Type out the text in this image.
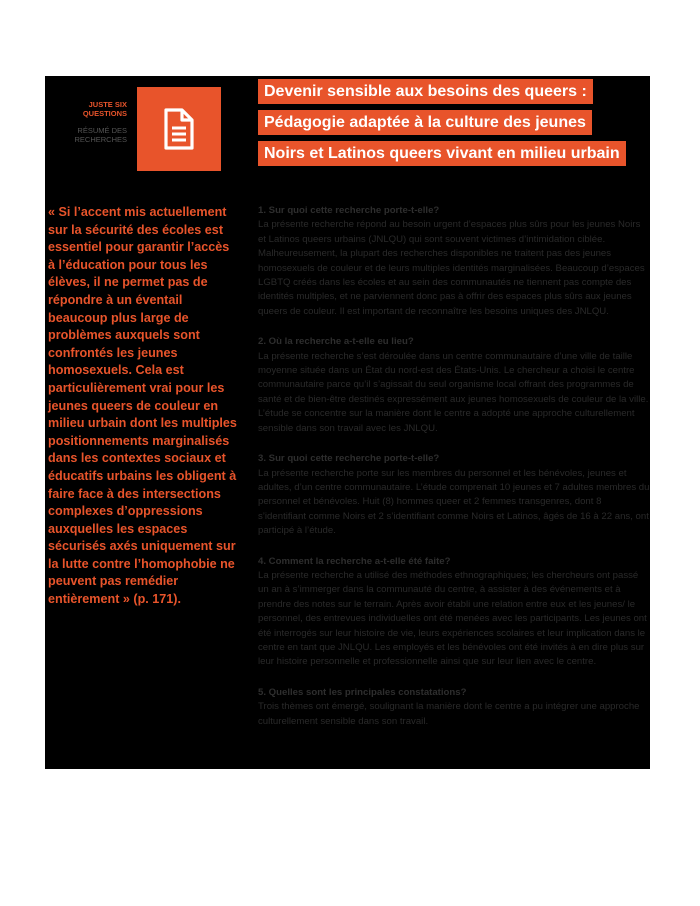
JUSTE SIX
QUESTIONS
RÉSUMÉ DES
RECHERCHES
Devenir sensible aux besoins des queers :
Pédagogie adaptée à la culture des jeunes
Noirs et Latinos queers vivant en milieu urbain
« Si l’accent mis actuellement sur la sécurité des écoles est essentiel pour garantir l’accès à l’éducation pour tous les élèves, il ne permet pas de répondre à un éventail beaucoup plus large de problèmes auxquels sont confrontés les jeunes homosexuels. Cela est particulièrement vrai pour les jeunes queers de couleur en milieu urbain dont les multiples positionnements marginalisés dans les contextes sociaux et éducatifs urbains les obligent à faire face à des intersections complexes d’oppressions auxquelles les espaces sécurisés axés uniquement sur la lutte contre l’homophobie ne peuvent pas remédier entièrement » (p. 171).
1. Sur quoi cette recherche porte-t-elle?

La présente recherche répond au besoin urgent d’espaces plus sûrs pour les jeunes Noirs et Latinos queers urbains (JNLQU) qui sont souvent victimes d’intimidation ciblée. Malheureusement, la plupart des recherches disponibles ne traitent pas des jeunes homosexuels de couleur et de leurs multiples identités marginalisées. Beaucoup d’espaces LGBTQ créés dans les écoles et au sein des communautés ne tiennent pas compte des identités multiples, et ne parviennent donc pas à offrir des espaces plus sûrs aux jeunes queers de couleur. Il est important de reconnaître les besoins uniques des JNLQU.

2. Où la recherche a-t-elle eu lieu?

La présente recherche s’est déroulée dans un centre communautaire d’une ville de taille moyenne située dans un État du nord-est des États-Unis. Le chercheur a choisi le centre communautaire parce qu’il s’agissait du seul organisme local offrant des programmes de santé et de bien-être destinés expressément aux jeunes homosexuels de couleur de la ville. L’étude se concentre sur la manière dont le centre a adopté une approche culturellement sensible dans son travail avec les JNLQU.

3. Sur quoi cette recherche porte-t-elle?

La présente recherche porte sur les membres du personnel et les bénévoles, jeunes et adultes, d’un centre communautaire. L’étude comprenait 10 jeunes et 7 adultes membres du personnel et bénévoles. Huit (8) hommes queer et 2 femmes transgenres, dont 8 s’identifiant comme Noirs et 2 s’identifiant comme Noirs et Latinos, âgés de 16 à 22 ans, ont participé à l’étude.

4. Comment la recherche a-t-elle été faite?

La présente recherche a utilisé des méthodes ethnographiques; les chercheurs ont passé un an à s’immerger dans la communauté du centre, à assister à des événements et à prendre des notes sur le terrain. Après avoir établi une relation entre eux et les jeunes/ le personnel, des entrevues individuelles ont été menées avec les participants. Les jeunes ont été interrogés sur leur histoire de vie, leurs expériences scolaires et leur implication dans le centre en tant que JNLQU. Les employés et les bénévoles ont été invités à en dire plus sur leur histoire personnelle et professionnelle ainsi que sur leur lien avec le centre.

5. Quelles sont les principales constatations?

Trois thèmes ont émergé, soulignant la manière dont le centre a pu intégrer une approche culturellement sensible dans son travail.
